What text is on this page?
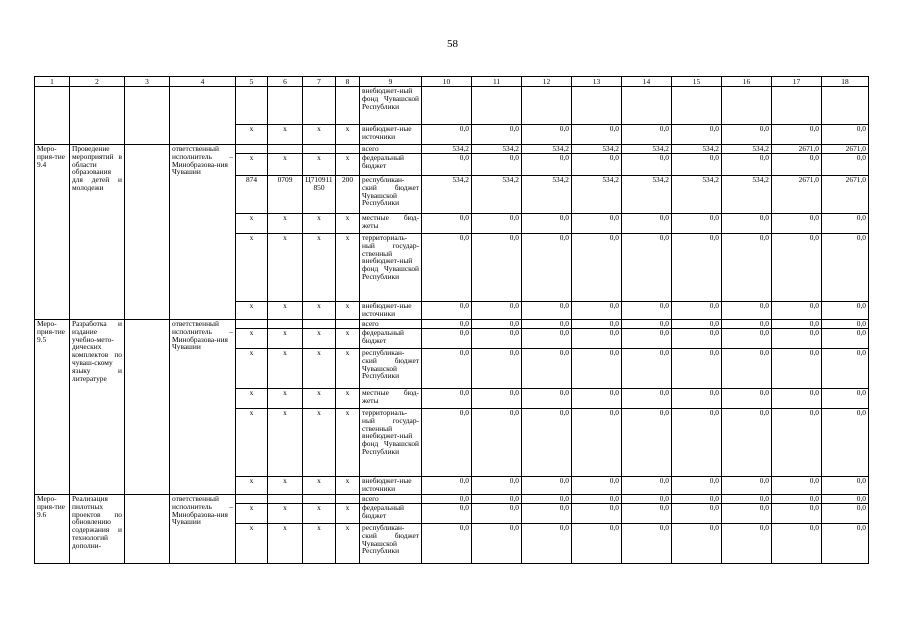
58
1	2	3	4	5	6	7	8	9	10	11	12	13	14	15	16	17	18
								внебюджет-ный фонд Чувашской Республики									
				х	х	х	х	внебюджет-ные источники	0,0	0,0	0,0	0,0	0,0	0,0	0,0	0,0	0,0
Меро-прия-тие 9.4	Проведение мероприятий в области образования для детей и молодежи		ответственный исполнитель – Минобразова-ния Чувашии					всего	534,2	534,2	534,2	534,2	534,2	534,2	534,2	2671,0	2671,0
				х	х	х	х	федеральный бюджет	0,0	0,0	0,0	0,0	0,0	0,0	0,0	0,0	0,0
				874	0709	Ц710911 850	200	республикан-ский бюджет Чувашской Республики	534,2	534,2	534,2	534,2	534,2	534,2	534,2	2671,0	2671,0
				х	х	х	х	местные бюд-жеты	0,0	0,0	0,0	0,0	0,0	0,0	0,0	0,0	0,0
				х	х	х	х	территориаль-ный государ-ственный внебюджет-ный фонд Чувашской Республики	0,0	0,0	0,0	0,0	0,0	0,0	0,0	0,0	0,0
				х	х	х	х	внебюджет-ные источники	0,0	0,0	0,0	0,0	0,0	0,0	0,0	0,0	0,0
Меро-прия-тие 9.5	Разработка и издание учебно-мето-дических комплектов по чуваш-скому языку и литературе		ответственный исполнитель – Минобразова-ния Чувашии					всего	0,0	0,0	0,0	0,0	0,0	0,0	0,0	0,0	0,0
				х	х	х	х	федеральный бюджет	0,0	0,0	0,0	0,0	0,0	0,0	0,0	0,0	0,0
				х	х	х	х	республикан-ский бюджет Чувашской Республики	0,0	0,0	0,0	0,0	0,0	0,0	0,0	0,0	0,0
				х	х	х	х	местные бюд-жеты	0,0	0,0	0,0	0,0	0,0	0,0	0,0	0,0	0,0
				х	х	х	х	территориаль-ный государ-ственный внебюджет-ный фонд Чувашской Республики	0,0	0,0	0,0	0,0	0,0	0,0	0,0	0,0	0,0
				х	х	х	х	внебюджет-ные источники	0,0	0,0	0,0	0,0	0,0	0,0	0,0	0,0	0,0
Меро-прия-тие 9.6	Реализация пилотных проектов по обновлению содержания и технологий дополни-		ответственный исполнитель – Минобразова-ния Чувашии					всего	0,0	0,0	0,0	0,0	0,0	0,0	0,0	0,0	0,0
				х	х	х	х	федеральный бюджет	0,0	0,0	0,0	0,0	0,0	0,0	0,0	0,0	0,0
				х	х	х	х	республикан-ский бюджет Чувашской Республики	0,0	0,0	0,0	0,0	0,0	0,0	0,0	0,0	0,0
